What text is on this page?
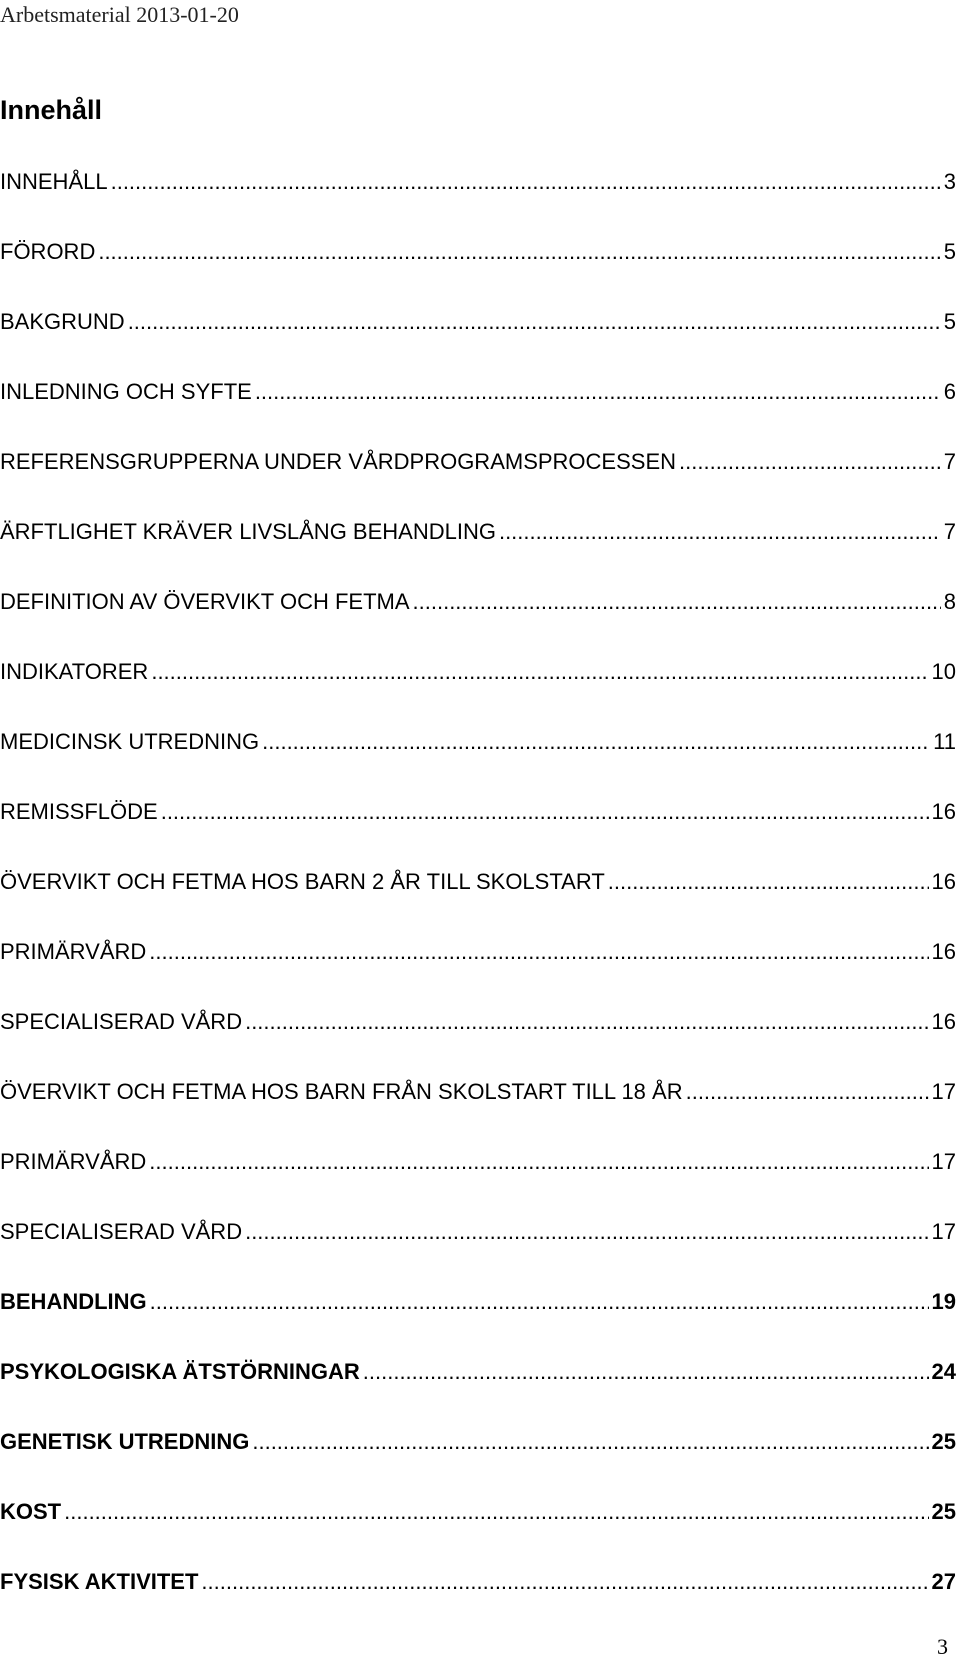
Arbetsmaterial 2013-01-20
Innehåll
INNEHÅLL .....	3
FÖRORD .....	5
BAKGRUND .....	5
INLEDNING OCH SYFTE .....	6
REFERENSGRUPPERNA UNDER VÅRDPROGRAMSPROCESSEN .....	7
ÄRFTLIGHET KRÄVER LIVSLÅNG BEHANDLING .....	7
DEFINITION AV ÖVERVIKT OCH FETMA .....	8
INDIKATORER .....	10
MEDICINSK UTREDNING .....	11
REMISSFLÖDE .....	16
ÖVERVIKT OCH FETMA HOS BARN 2 ÅR TILL SKOLSTART .....	16
PRIMÄRVÅRD .....	16
SPECIALISERAD VÅRD .....	16
ÖVERVIKT OCH FETMA HOS BARN FRÅN SKOLSTART TILL 18 ÅR .....	17
PRIMÄRVÅRD .....	17
SPECIALISERAD VÅRD .....	17
BEHANDLING .....	19
PSYKOLOGISKA ÄTSTÖRNINGAR .....	24
GENETISK UTREDNING .....	25
KOST .....	25
FYSISK AKTIVITET .....	27
3
